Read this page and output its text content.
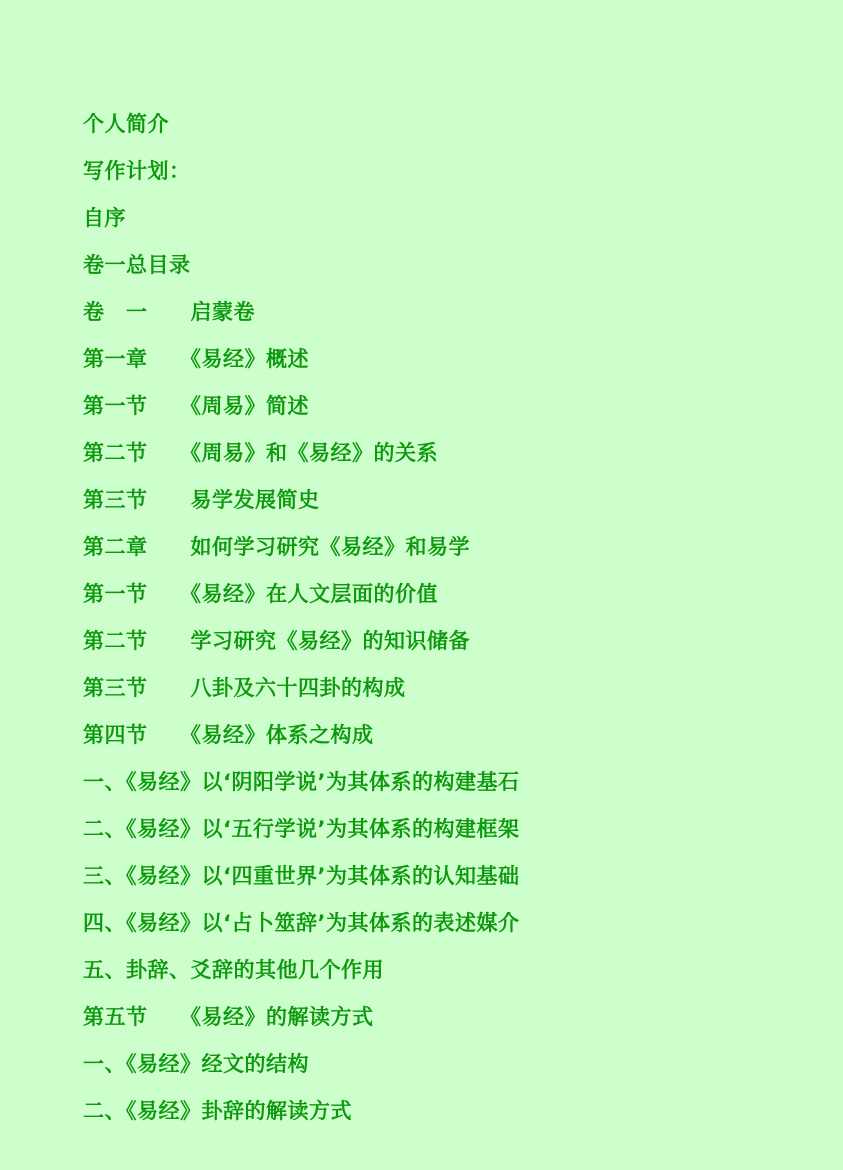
个人简介

写作计划：

自序

卷一总目录

卷　一　　启蒙卷

第一章　　《易经》概述

第一节　　《周易》简述

第二节　　《周易》和《易经》的关系

第三节　　易学发展简史

第二章　　如何学习研究《易经》和易学

第一节　　《易经》在人文层面的价值

第二节　　学习研究《易经》的知识储备

第三节　　八卦及六十四卦的构成

第四节　　《易经》体系之构成

一、《易经》以‘阴阳学说’为其体系的构建基石

二、《易经》以‘五行学说’为其体系的构建框架

三、《易经》以‘四重世界’为其体系的认知基础

四、《易经》以‘占卜筮辞’为其体系的表述媒介

五、卦辞、爻辞的其他几个作用

第五节　　《易经》的解读方式

一、《易经》经文的结构

二、《易经》卦辞的解读方式
